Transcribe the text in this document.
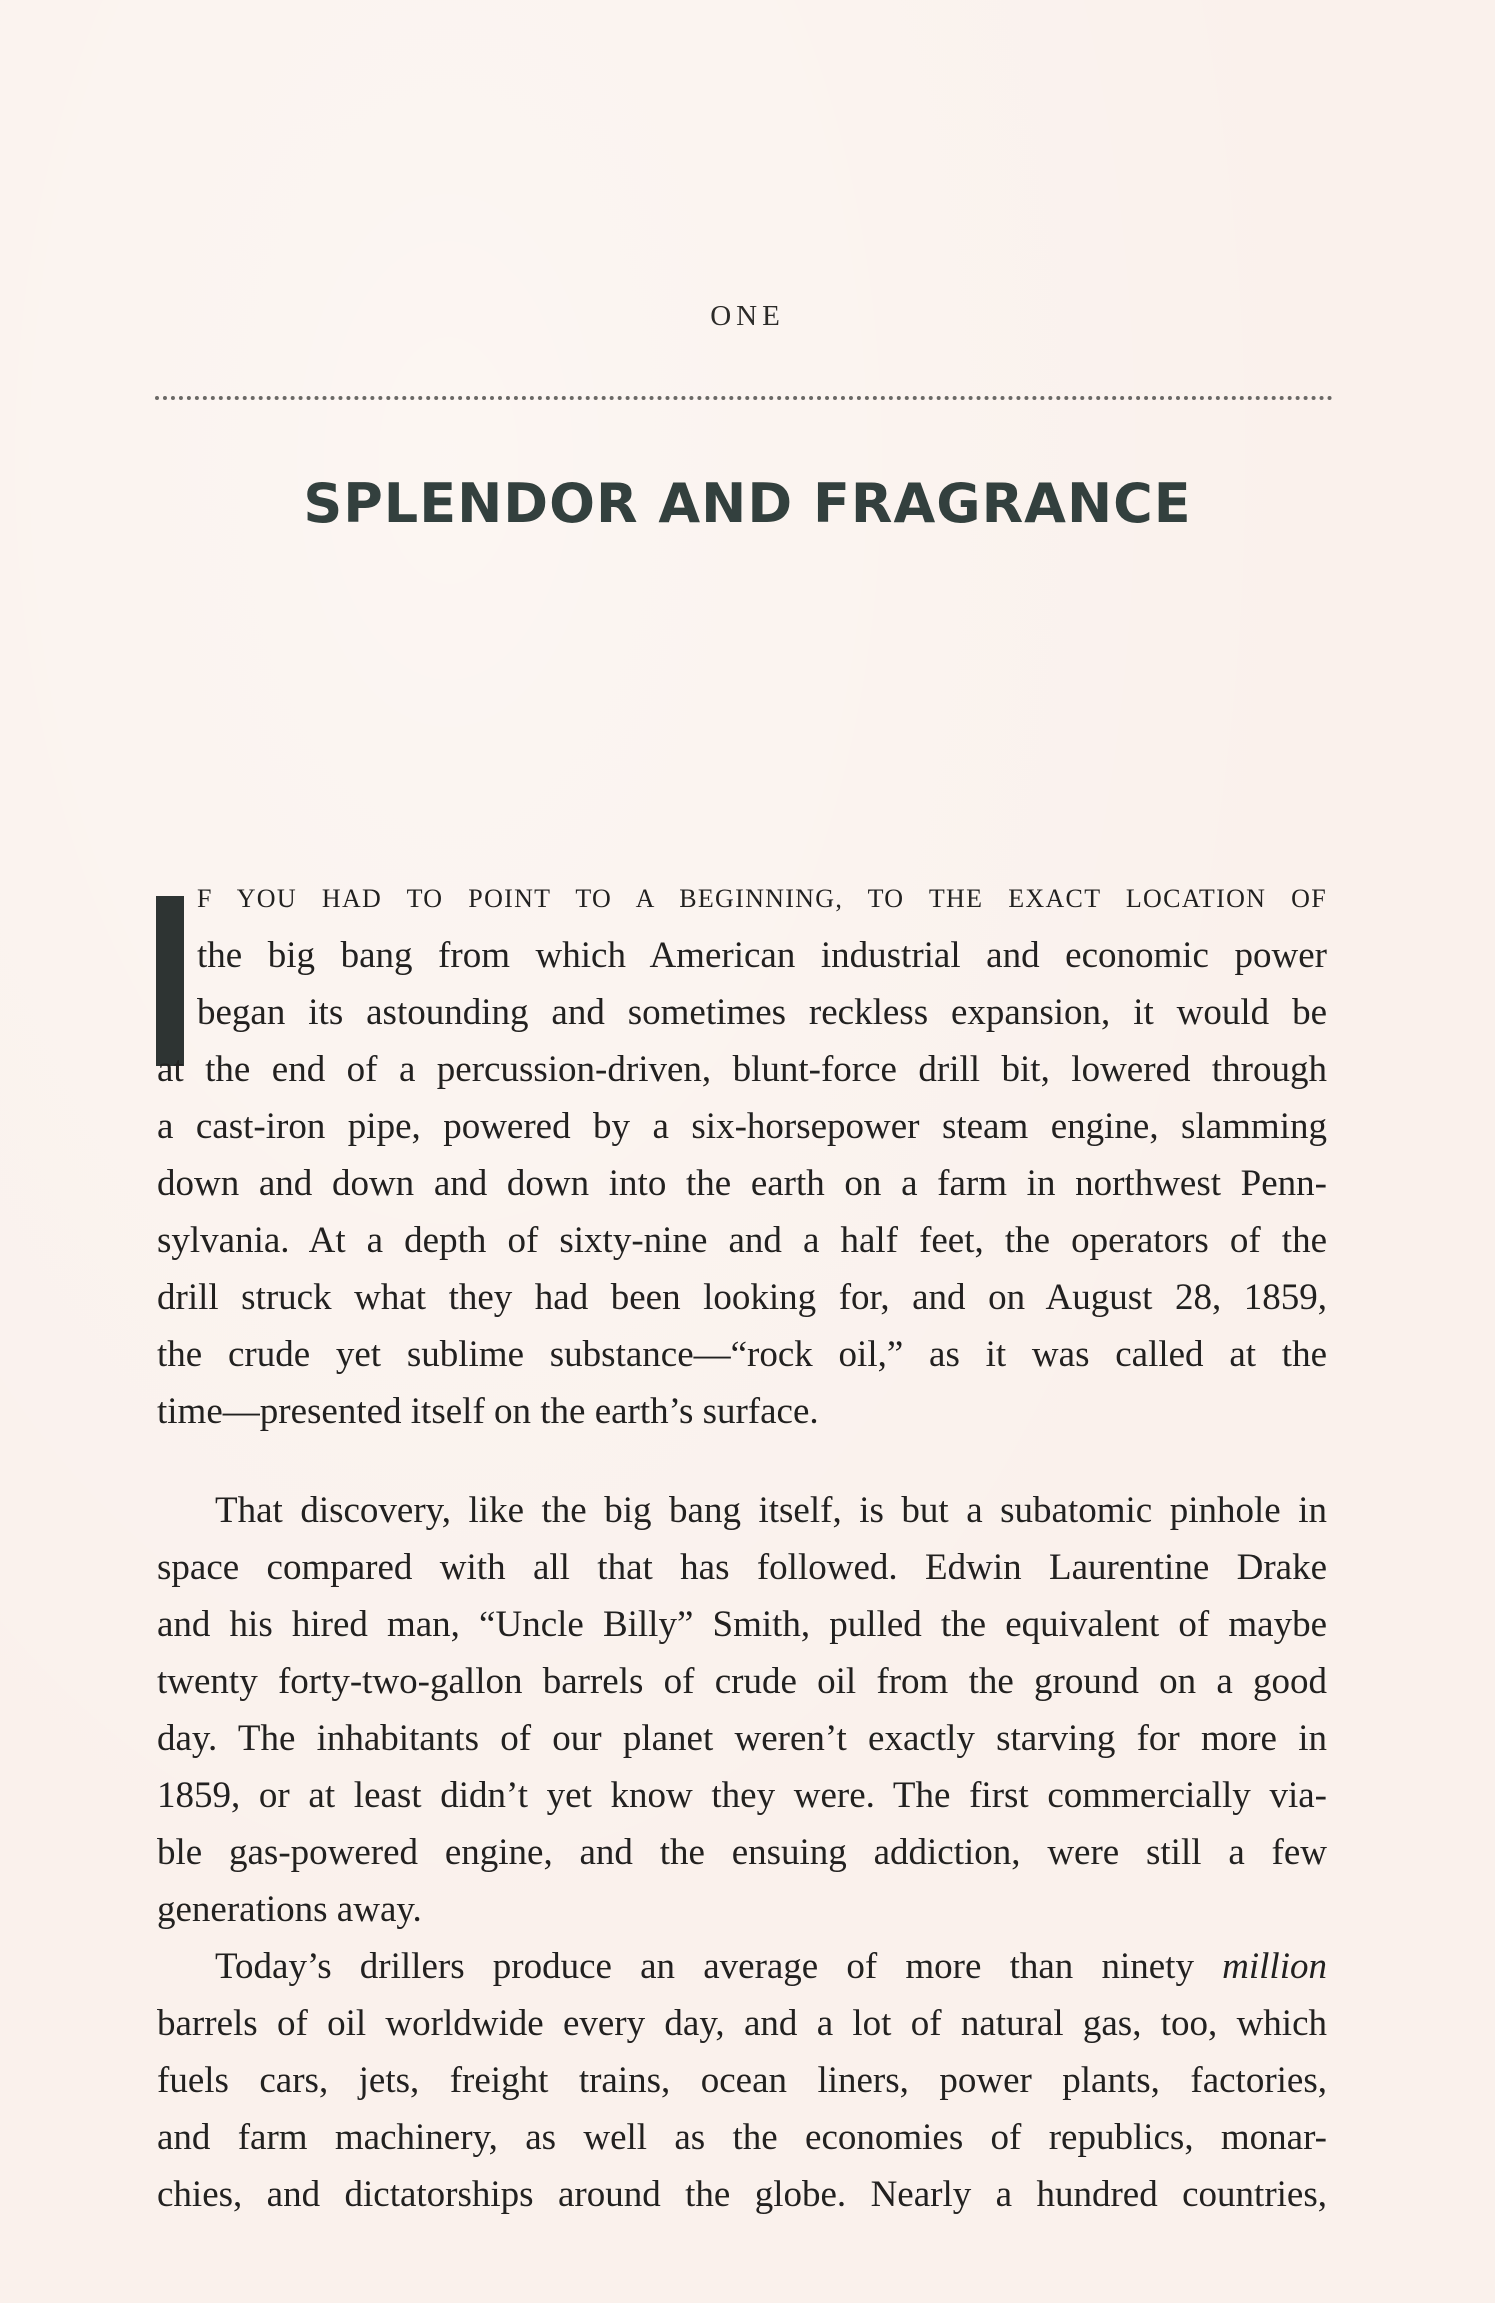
ONE
SPLENDOR AND FRAGRANCE
F YOU HAD TO POINT TO A BEGINNING, TO THE EXACT LOCATION OF
the big bang from which American industrial and economic power
began its astounding and sometimes reckless expansion, it would be
at the end of a percussion-driven, blunt-force drill bit, lowered through
a cast-iron pipe, powered by a six-horsepower steam engine, slamming
down and down and down into the earth on a farm in northwest Penn-
sylvania. At a depth of sixty-nine and a half feet, the operators of the
drill struck what they had been looking for, and on August 28, 1859,
the crude yet sublime substance—“rock oil,” as it was called at the
time—presented itself on the earth’s surface.
That discovery, like the big bang itself, is but a subatomic pinhole in
space compared with all that has followed. Edwin Laurentine Drake
and his hired man, “Uncle Billy” Smith, pulled the equivalent of maybe
twenty forty-two-gallon barrels of crude oil from the ground on a good
day. The inhabitants of our planet weren’t exactly starving for more in
1859, or at least didn’t yet know they were. The first commercially via-
ble gas-powered engine, and the ensuing addiction, were still a few
generations away.
Today’s drillers produce an average of more than ninety million
barrels of oil worldwide every day, and a lot of natural gas, too, which
fuels cars, jets, freight trains, ocean liners, power plants, factories,
and farm machinery, as well as the economies of republics, monar-
chies, and dictatorships around the globe. Nearly a hundred countries,
